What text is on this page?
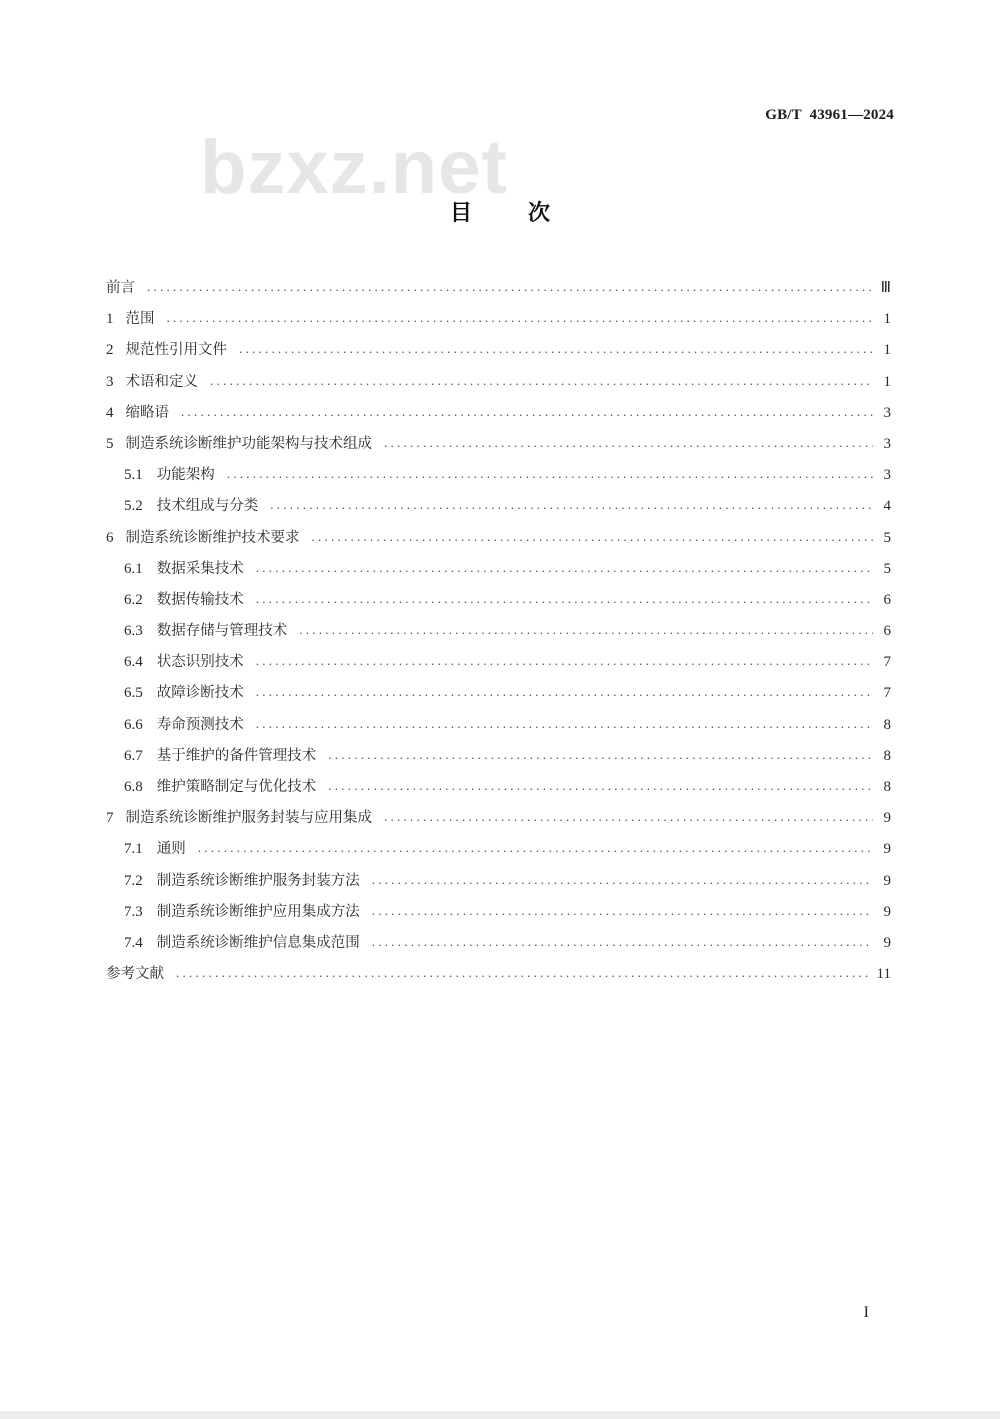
GB/T  43961—2024
bzxz.net
目次
前言 . . .	Ⅲ
1 范围 . . .	1
2 规范性引用文件 . . .	1
3 术语和定义 . . .	1
4 缩略语 . . .	3
5 制造系统诊断维护功能架构与技术组成 . . .	3
5.1 功能架构 . . .	3
5.2 技术组成与分类 . . .	4
6 制造系统诊断维护技术要求 . . .	5
6.1 数据采集技术 . . .	5
6.2 数据传输技术 . . .	6
6.3 数据存储与管理技术 . . .	6
6.4 状态识别技术 . . .	7
6.5 故障诊断技术 . . .	7
6.6 寿命预测技术 . . .	8
6.7 基于维护的备件管理技术 . . .	8
6.8 维护策略制定与优化技术 . . .	8
7 制造系统诊断维护服务封装与应用集成 . . .	9
7.1 通则 . . .	9
7.2 制造系统诊断维护服务封装方法 . . .	9
7.3 制造系统诊断维护应用集成方法 . . .	9
7.4 制造系统诊断维护信息集成范围 . . .	9
参考文献 . . .	11
I
